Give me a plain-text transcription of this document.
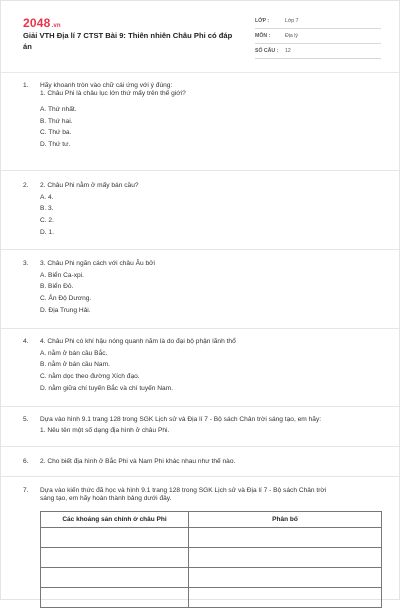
2048.vn
Giải VTH Địa lí 7 CTST Bài 9: Thiên nhiên Châu Phi có đáp án
LỚP :	Lớp 7
MÔN :	Địa lý
SỐ CÂU : 12
1. Hãy khoanh tròn vào chữ cái ứng với ý đúng:
1. Châu Phi là châu lục lớn thứ mấy trên thế giới?
A. Thứ nhất.
B. Thứ hai.
C. Thứ ba.
D. Thứ tư.
2. 2. Châu Phi nằm ở mấy bán cầu?
A. 4.
B. 3.
C. 2.
D. 1.
3. 3. Châu Phi ngăn cách với châu Âu bởi
A. Biển Ca-xpi.
B. Biển Đỏ.
C. Ấn Độ Dương.
D. Địa Trung Hải.
4. 4. Châu Phi có khí hậu nóng quanh năm là do đại bộ phận lãnh thổ
A. nằm ở bán cầu Bắc.
B. nằm ở bán cầu Nam.
C. nằm dọc theo đường Xích đạo.
D. nằm giữa chí tuyến Bắc và chí tuyến Nam.
5. Dựa vào hình 9.1 trang 128 trong SGK Lịch sử và Địa lí 7 - Bộ sách Chân trời sáng tạo, em hãy:
1. Nêu tên một số dạng địa hình ở châu Phi.
6. 2. Cho biết địa hình ở Bắc Phi và Nam Phi khác nhau như thế nào.
7. Dựa vào kiến thức đã học và hình 9.1 trang 128 trong SGK Lịch sử và Địa lí 7 - Bộ sách Chân trời
sáng tạo, em hãy hoàn thành bảng dưới đây.
Các khoáng sản chính ở châu Phi	Phân bố
